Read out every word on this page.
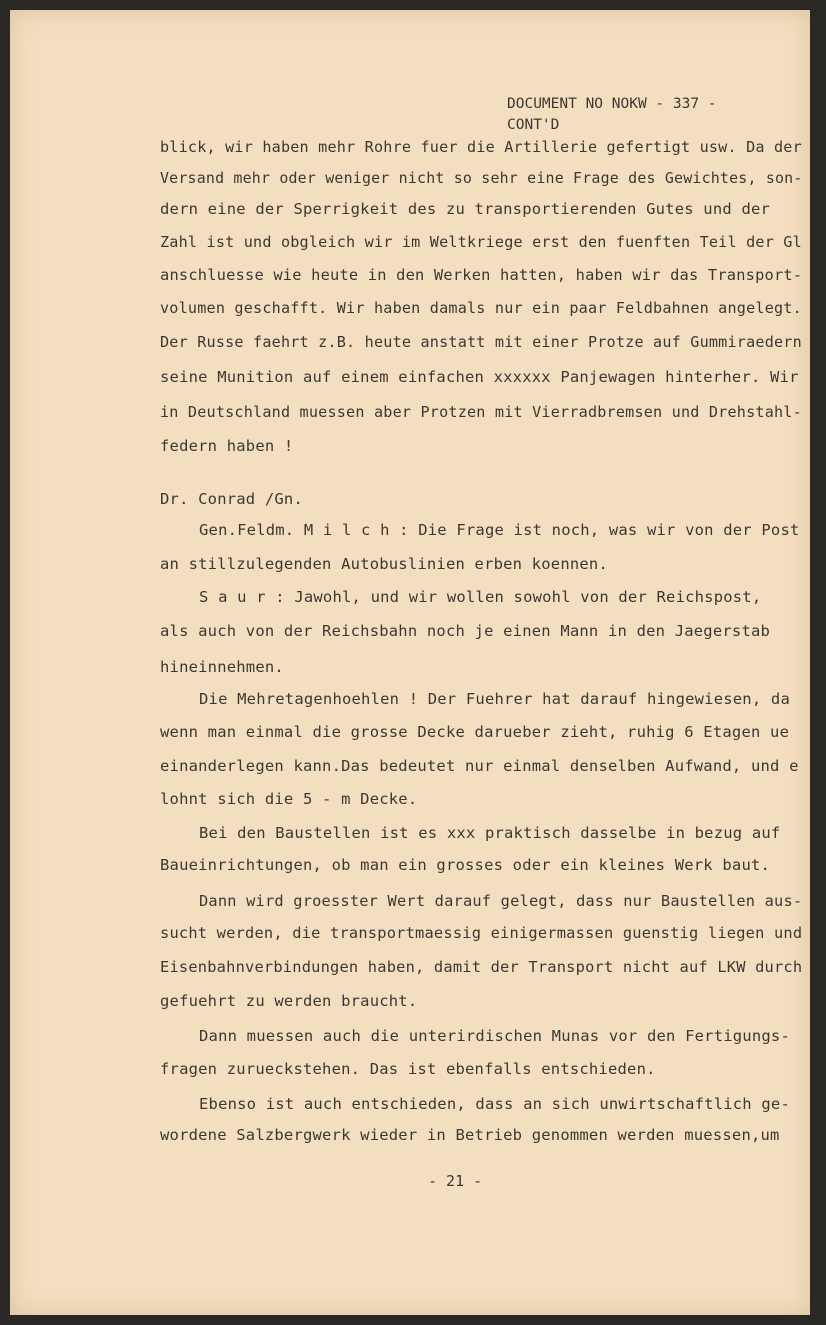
DOCUMENT NO NOKW - 337 -
CONT'D
blick, wir haben mehr Rohre fuer die Artillerie gefertigt usw. Da der
Versand mehr oder weniger nicht so sehr eine Frage des Gewichtes, son-
dern eine der Sperrigkeit des zu transportierenden Gutes und der
Zahl ist und obgleich wir im Weltkriege erst den fuenften Teil der Gl
anschluesse wie heute in den Werken hatten, haben wir das Transport-
volumen geschafft. Wir haben damals nur ein paar Feldbahnen angelegt.
Der Russe faehrt z.B. heute anstatt mit einer Protze auf Gummiraedern
seine Munition auf einem einfachen xxxxxx Panjewagen hinterher. Wir
in Deutschland muessen aber Protzen mit Vierradbremsen und Drehstahl-
federn haben !
Dr. Conrad /Gn.
Gen.Feldm. M i l c h : Die Frage ist noch, was wir von der Post
an stillzulegenden Autobuslinien erben koennen.
S a u r : Jawohl, und wir wollen sowohl von der Reichspost,
als auch von der Reichsbahn noch je einen Mann in den Jaegerstab
hineinnehmen.
Die Mehretagenhoehlen ! Der Fuehrer hat darauf hingewiesen, da
wenn man einmal die grosse Decke darueber zieht, ruhig 6 Etagen ue
einanderlegen kann.Das bedeutet nur einmal denselben Aufwand, und e
lohnt sich die 5 - m Decke.
Bei den Baustellen ist es xxx praktisch dasselbe in bezug auf
Baueinrichtungen, ob man ein grosses oder ein kleines Werk baut.
Dann wird groesster Wert darauf gelegt, dass nur Baustellen aus-
sucht werden, die transportmaessig einigermassen guenstig liegen und
Eisenbahnverbindungen haben, damit der Transport nicht auf LKW durch
gefuehrt zu werden braucht.
Dann muessen auch die unterirdischen Munas vor den Fertigungs-
fragen zurueckstehen. Das ist ebenfalls entschieden.
Ebenso ist auch entschieden, dass an sich unwirtschaftlich ge-
wordene Salzbergwerk wieder in Betrieb genommen werden muessen,um
- 21 -
